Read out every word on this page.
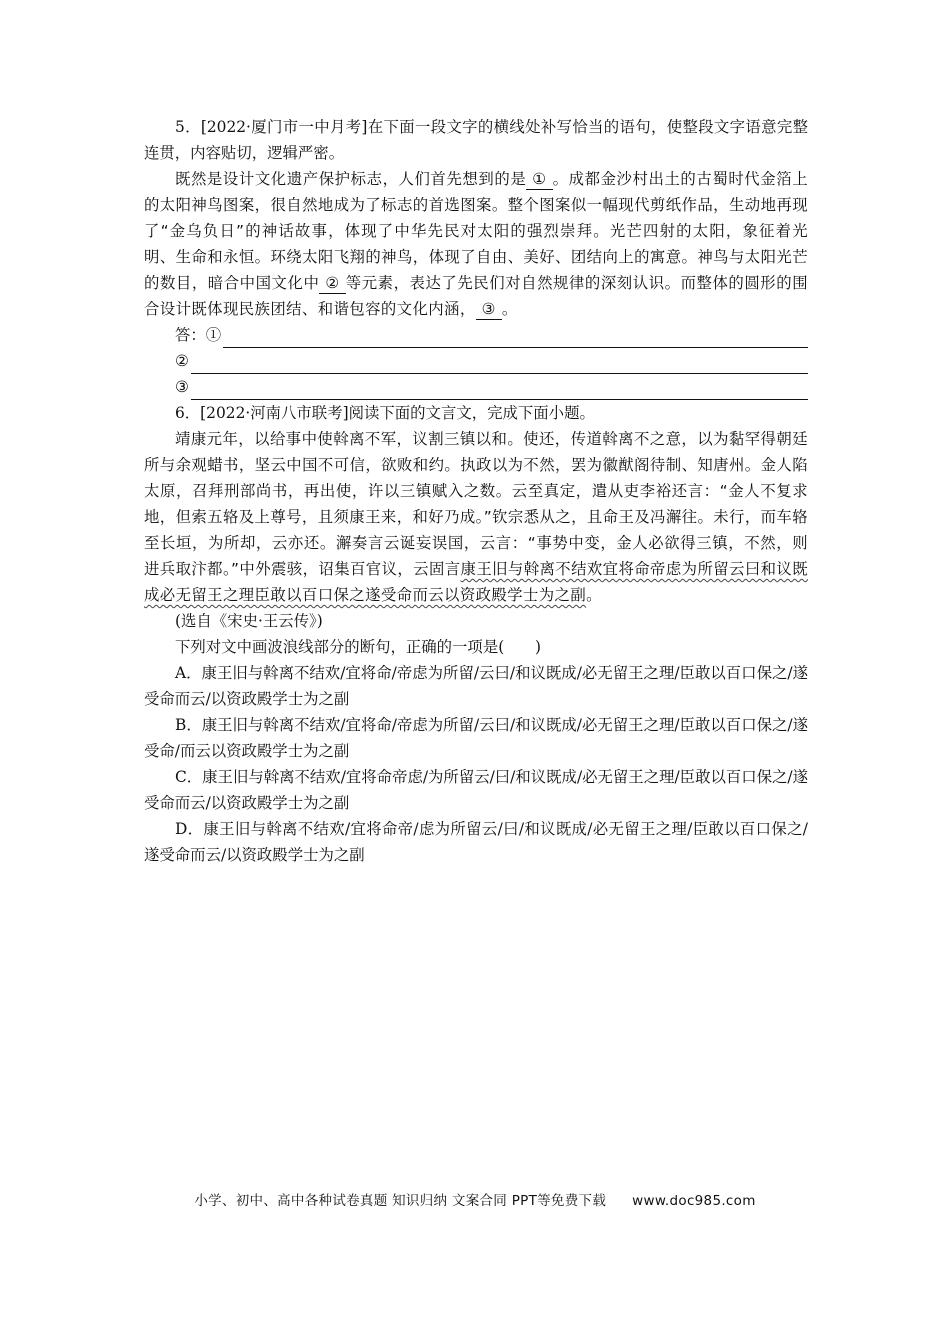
5．[2022·厦门市一中月考]在下面一段文字的横线处补写恰当的语句，使整段文字语意完整连贯，内容贴切，逻辑严密。

既然是设计文化遗产保护标志，人们首先想到的是 ① 。成都金沙村出土的古蜀时代金箔上的太阳神鸟图案，很自然地成为了标志的首选图案。整个图案似一幅现代剪纸作品，生动地再现了“金乌负日”的神话故事，体现了中华先民对太阳的强烈崇拜。光芒四射的太阳，象征着光明、生命和永恒。环绕太阳飞翔的神鸟，体现了自由、美好、团结向上的寓意。神鸟与太阳光芒的数目，暗合中国文化中 ② 等元素，表达了先民们对自然规律的深刻认识。而整体的圆形的围合设计既体现民族团结、和谐包容的文化内涵， ③ 。

答：①
②
③

6．[2022·河南八市联考]阅读下面的文言文，完成下面小题。

靖康元年，以给事中使斡离不军，议割三镇以和。使还，传道斡离不之意，以为黏罕得朝廷所与余观蜡书，坚云中国不可信，欲败和约。执政以为不然，罢为徽猷阁待制、知唐州。金人陷太原，召拜刑部尚书，再出使，许以三镇赋入之数。云至真定，遣从吏李裕还言：“金人不复求地，但索五辂及上尊号，且须康王来，和好乃成。”钦宗悉从之，且命王及冯澥往。未行，而车辂至长垣，为所却，云亦还。澥奏言云诞妄误国，云言：“事势中变，金人必欲得三镇，不然，则进兵取汴都。”中外震骇，诏集百官议，云固言康王旧与斡离不结欢宜将命帝虑为所留云曰和议既成必无留王之理臣敢以百口保之遂受命而云以资政殿学士为之副。

(选自《宋史·王云传》)

下列对文中画波浪线部分的断句，正确的一项是(　　)

A．康王旧与斡离不结欢/宜将命/帝虑为所留/云曰/和议既成/必无留王之理/臣敢以百口保之/遂受命而云/以资政殿学士为之副

B．康王旧与斡离不结欢/宜将命/帝虑为所留/云曰/和议既成/必无留王之理/臣敢以百口保之/遂受命/而云以资政殿学士为之副

C．康王旧与斡离不结欢/宜将命帝虑/为所留云/曰/和议既成/必无留王之理/臣敢以百口保之/遂受命而云/以资政殿学士为之副

D．康王旧与斡离不结欢/宜将命帝/虑为所留云/曰/和议既成/必无留王之理/臣敢以百口保之/遂受命而云/以资政殿学士为之副

小学、初中、高中各种试卷真题 知识归纳 文案合同 PPT等免费下载 www.doc985.com
